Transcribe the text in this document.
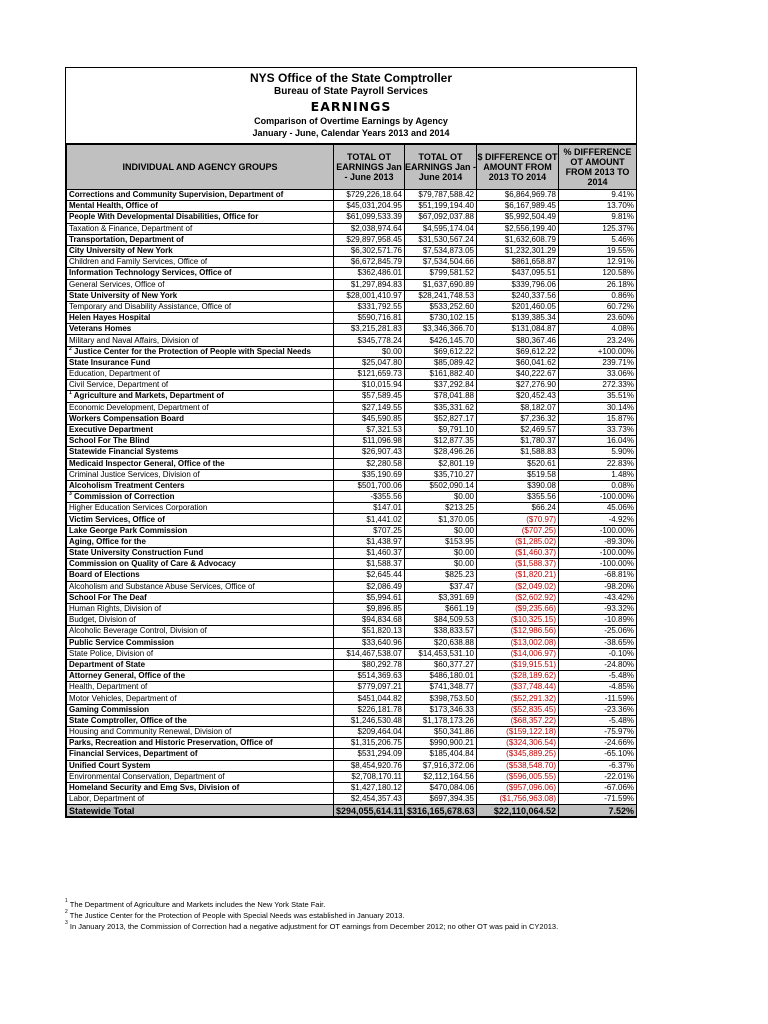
NYS Office of the State Comptroller
Bureau of State Payroll Services
EARNINGS
Comparison of Overtime Earnings by Agency
January - June, Calendar Years 2013 and 2014
INDIVIDUAL AND AGENCY GROUPS	TOTAL OT EARNINGS Jan - June 2013	TOTAL OT EARNINGS Jan - June 2014	$ DIFFERENCE OT AMOUNT FROM 2013 TO 2014	% DIFFERENCE OT AMOUNT FROM 2013 TO 2014
Corrections and Community Supervision, Department of	$729,226,18.64	$79,787,588.42	$6,864,969.78	9.41%
Mental Health, Office of	$45,031,204.95	$51,199,194.40	$6,167,989.45	13.70%
People With Developmental Disabilities, Office for	$61,099,533.39	$67,092,037.88	$5,992,504.49	9.81%
Taxation & Finance, Department of	$2,038,974.64	$4,595,174.04	$2,556,199.40	125.37%
Transportation, Department of	$29,897,958.45	$31,530,567.24	$1,632,608.79	5.46%
City University of New York	$6,302,571.76	$7,534,873.05	$1,232,301.29	19.55%
Children and Family Services, Office of	$6,672,845.79	$7,534,504.66	$861,658.87	12.91%
Information Technology Services, Office of	$362,486.01	$799,581.52	$437,095.51	120.58%
General Services, Office of	$1,297,894.83	$1,637,690.89	$339,796.06	26.18%
State University of New York	$28,001,410.97	$28,241,748.53	$240,337.56	0.86%
Temporary and Disability Assistance, Office of	$331,792.55	$533,252.60	$201,460.05	60.72%
Helen Hayes Hospital	$590,716.81	$730,102.15	$139,385.34	23.60%
Veterans Homes	$3,215,281.83	$3,346,366.70	$131,084.87	4.08%
Military and Naval Affairs, Division of	$345,778.24	$426,145.70	$80,367.46	23.24%
$^2$ Justice Center for the Protection of People with Special Needs	$0.00	$69,612.22	$69,612.22	+100.00%
State Insurance Fund	$25,047.80	$85,089.42	$60,041.62	239.71%
Education, Department of	$121,659.73	$161,882.40	$40,222.67	33.06%
Civil Service, Department of	$10,015.94	$37,292.84	$27,276.90	272.33%
$^1$ Agriculture and Markets, Department of	$57,589.45	$78,041.88	$20,452.43	35.51%
Economic Development, Department of	$27,149.55	$35,331.62	$8,182.07	30.14%
Workers Compensation Board	$45,590.85	$52,827.17	$7,236.32	15.87%
Executive Department	$7,321.53	$9,791.10	$2,469.57	33.73%
School For The Blind	$11,096.98	$12,877.35	$1,780.37	16.04%
Statewide Financial Systems	$26,907.43	$28,496.26	$1,588.83	5.90%
Medicaid Inspector General, Office of the	$2,280.58	$2,801.19	$520.61	22.83%
Criminal Justice Services, Division of	$35,190.69	$35,710.27	$519.58	1.48%
Alcoholism Treatment Centers	$501,700.06	$502,090.14	$390.08	0.08%
$^3$ Commission of Correction	-$355.56	$0.00	$355.56	-100.00%
Higher Education Services Corporation	$147.01	$213.25	$66.24	45.06%
Victim Services, Office of	$1,441.02	$1,370.05	($70.97)	-4.92%
Lake George Park Commission	$707.25	$0.00	($707.25)	-100.00%
Aging, Office for the	$1,438.97	$153.95	($1,285.02)	-89.30%
State University Construction Fund	$1,460.37	$0.00	($1,460.37)	-100.00%
Commission on Quality of Care & Advocacy	$1,588.37	$0.00	($1,588.37)	-100.00%
Board of Elections	$2,645.44	$825.23	($1,820.21)	-68.81%
Alcoholism and Substance Abuse Services, Office of	$2,086.49	$37.47	($2,049.02)	-98.20%
School For The Deaf	$5,994.61	$3,391.69	($2,602.92)	-43.42%
Human Rights, Division of	$9,896.85	$661.19	($9,235.66)	-93.32%
Budget, Division of	$94,834.68	$84,509.53	($10,325.15)	-10.89%
Alcoholic Beverage Control, Division of	$51,820.13	$38,833.57	($12,986.56)	-25.06%
Public Service Commission	$33,640.96	$20,638.88	($13,002.08)	-38.65%
State Police, Division of	$14,467,538.07	$14,453,531.10	($14,006.97)	-0.10%
Department of State	$80,292.78	$60,377.27	($19,915.51)	-24.80%
Attorney General, Office of the	$514,369.63	$486,180.01	($28,189.62)	-5.48%
Health, Department of	$779,097.21	$741,348.77	($37,748.44)	-4.85%
Motor Vehicles, Department of	$451,044.82	$398,753.50	($52,291.32)	-11.59%
Gaming Commission	$226,181.78	$173,346.33	($52,835.45)	-23.36%
State Comptroller, Office of the	$1,246,530.48	$1,178,173.26	($68,357.22)	-5.48%
Housing and Community Renewal, Division of	$209,464.04	$50,341.86	($159,122.18)	-75.97%
Parks, Recreation and Historic Preservation, Office of	$1,315,206.75	$990,900.21	($324,306.54)	-24.66%
Financial Services, Department of	$531,294.09	$185,404.84	($345,889.25)	-65.10%
Unified Court System	$8,454,920.76	$7,916,372.06	($538,548.70)	-6.37%
Environmental Conservation, Department of	$2,708,170.11	$2,112,164.56	($596,005.55)	-22.01%
Homeland Security and Emg Svs, Division of	$1,427,180.12	$470,084.06	($957,096.06)	-67.06%
Labor, Department of	$2,454,357.43	$697,394.35	($1,756,963.08)	-71.59%
Statewide Total	$294,055,614.11	$316,165,678.63	$22,110,064.52	7.52%
$^1$ The Department of Agriculture and Markets includes the New York State Fair.
$^2$ The Justice Center for the Protection of People with Special Needs was established in January 2013.
$^3$ In January 2013, the Commission of Correction had a negative adjustment for OT earnings from December 2012; no other OT was paid in CY2013.
